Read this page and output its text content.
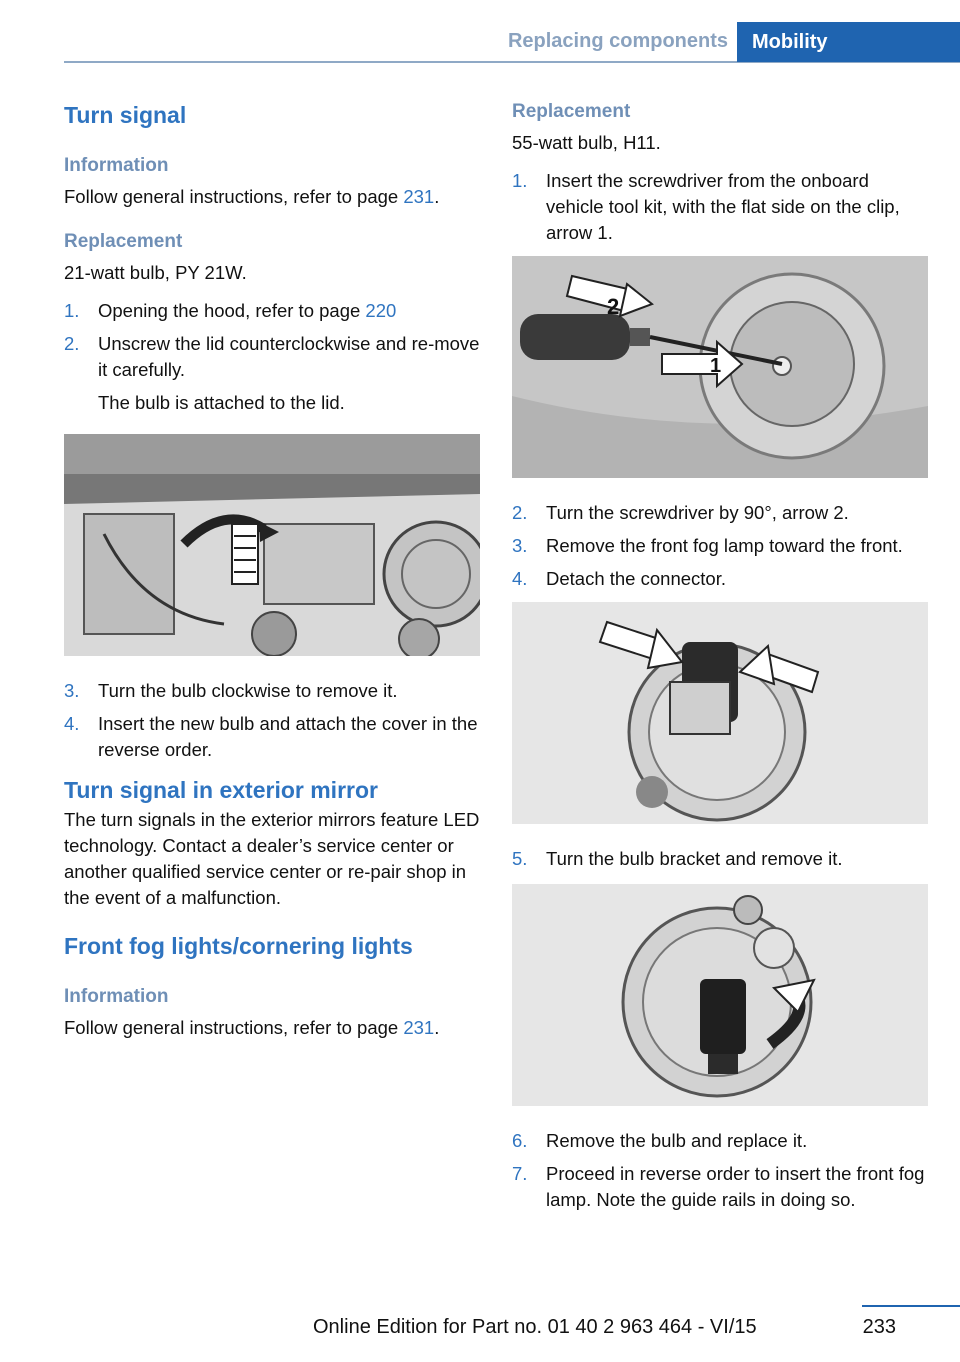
Replacing components	Mobility
Turn signal
Information

Follow general instructions, refer to page 231.

Replacement

21-watt bulb, PY 21W.

1.	Opening the hood, refer to page 220
2.	Unscrew the lid counterclockwise and re‐move it carefully.
The bulb is attached to the lid.
3.	Turn the bulb clockwise to remove it.
4.	Insert the new bulb and attach the cover in the reverse order.
Turn signal in exterior mirror

The turn signals in the exterior mirrors feature LED technology. Contact a dealer’s service center or another qualified service center or re‐pair shop in the event of a malfunction.

Front fog lights/cornering lights
Information

Follow general instructions, refer to page 231.

Replacement

55-watt bulb, H11.

1.	Insert the screwdriver from the onboard vehicle tool kit, with the flat side on the clip, arrow 1.
2
1
2.	Turn the screwdriver by 90°, arrow 2.
3.	Remove the front fog lamp toward the front.
4.	Detach the connector.
5.	Turn the bulb bracket and remove it.
6.	Remove the bulb and replace it.
7.	Proceed in reverse order to insert the front fog lamp. Note the guide rails in doing so.
233
Online Edition for Part no. 01 40 2 963 464 - VI/15
